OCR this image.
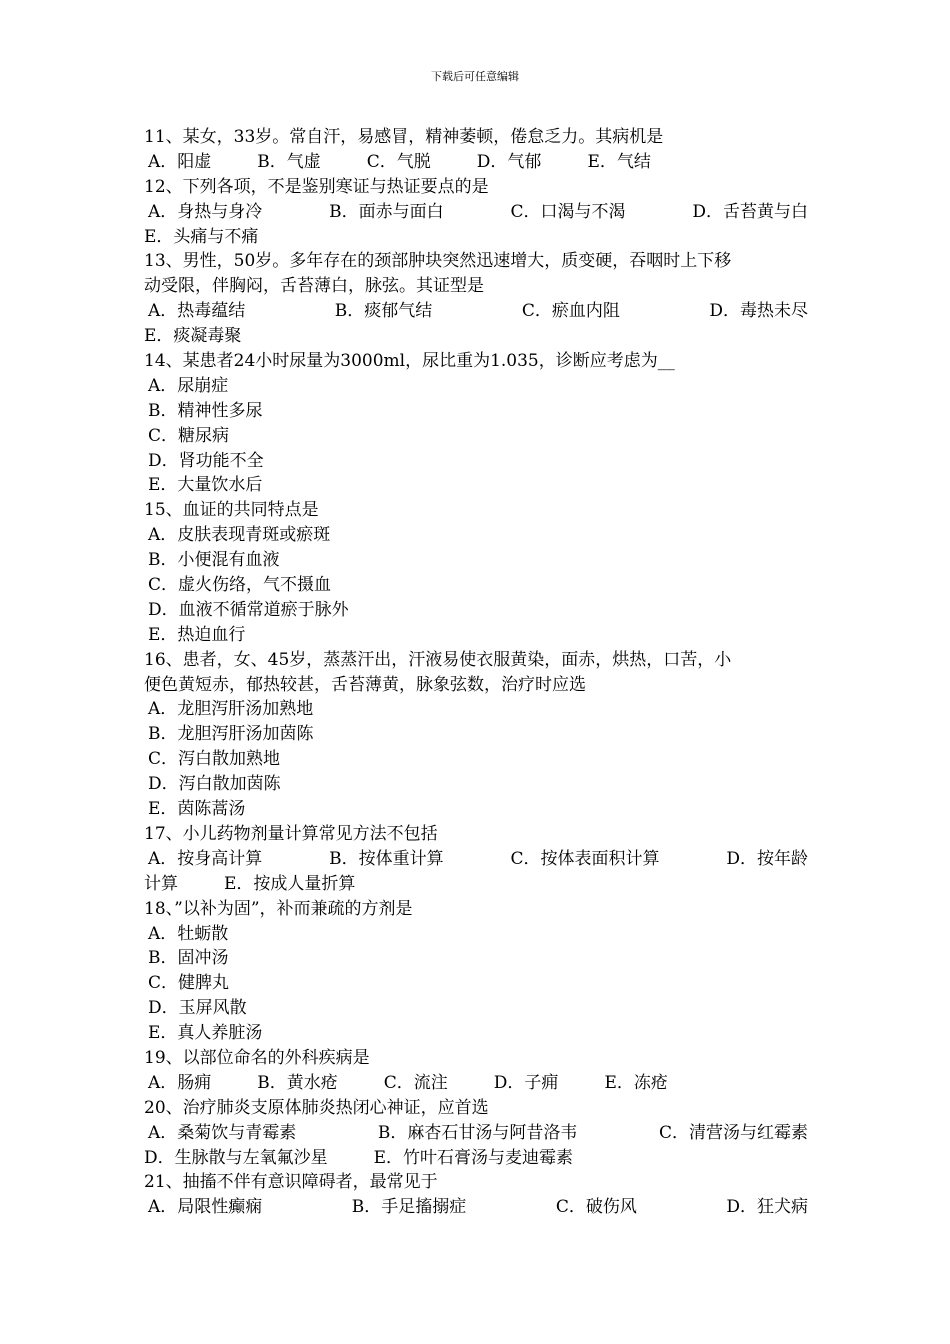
下载后可任意编辑
11、某女，33岁。常自汗，易感冒，精神萎顿，倦怠乏力。其病机是
A．阳虚	B．气虚	C．气脱	D．气郁	E．气结
12、下列各项，不是鉴别寒证与热证要点的是
A．身热与身冷	B．面赤与面白	C．口渴与不渴	D．舌苔黄与白
E．头痛与不痛
13、男性，50岁。多年存在的颈部肿块突然迅速增大，质变硬，吞咽时上下移
动受限，伴胸闷，舌苔薄白，脉弦。其证型是
A．热毒蕴结	B．痰郁气结	C．瘀血内阻	D．毒热未尽
E．痰凝毒聚
14、某患者24小时尿量为3000ml，尿比重为1.035，诊断应考虑为__
A．尿崩症
B．精神性多尿
C．糖尿病
D．肾功能不全
E．大量饮水后
15、血证的共同特点是
A．皮肤表现青斑或瘀斑
B．小便混有血液
C．虚火伤络，气不摄血
D．血液不循常道瘀于脉外
E．热迫血行
16、患者，女、45岁，蒸蒸汗出，汗液易使衣服黄染，面赤，烘热，口苦，小
便色黄短赤，郁热较甚，舌苔薄黄，脉象弦数，治疗时应选
A．龙胆泻肝汤加熟地
B．龙胆泻肝汤加茵陈
C．泻白散加熟地
D．泻白散加茵陈
E．茵陈蒿汤
17、小儿药物剂量计算常见方法不包括
A．按身高计算	B．按体重计算	C．按体表面积计算	D．按年龄
计算	E．按成人量折算
18、”以补为固”，补而兼疏的方剂是
A．牡蛎散
B．固冲汤
C．健脾丸
D．玉屏风散
E．真人养脏汤
19、以部位命名的外科疾病是
A．肠痈	B．黄水疮	C．流注	D．子痈	E．冻疮
20、治疗肺炎支原体肺炎热闭心神证，应首选
A．桑菊饮与青霉素	B．麻杏石甘汤与阿昔洛韦	C．清营汤与红霉素
D．生脉散与左氧氟沙星	E．竹叶石膏汤与麦迪霉素
21、抽搐不伴有意识障碍者，最常见于
A．局限性癫痫	B．手足搐搦症	C．破伤风	D．狂犬病
